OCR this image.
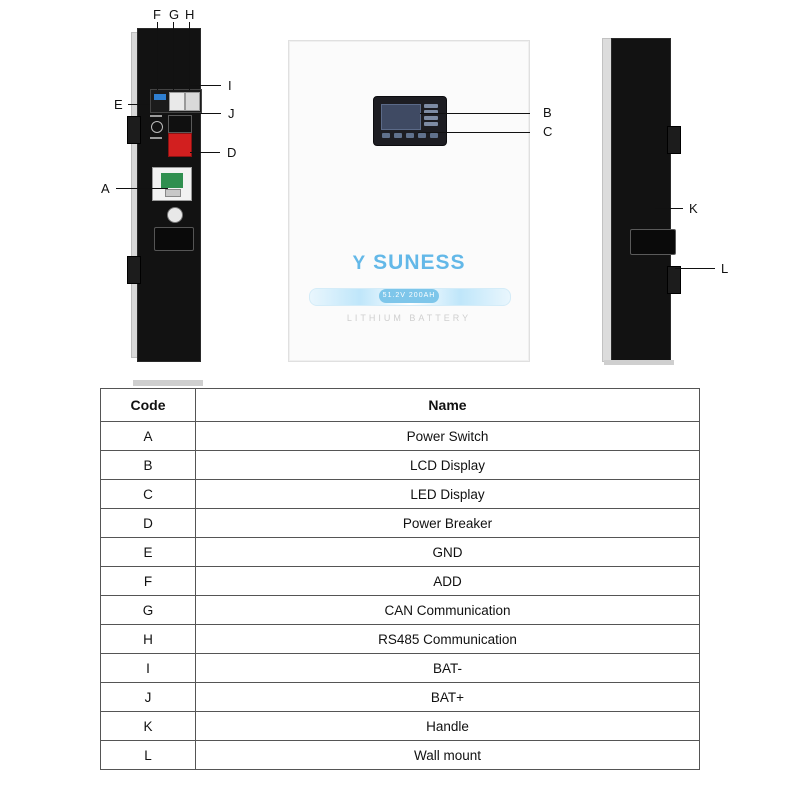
Υ SUNESS
51.2V 200AH
LITHIUM BATTERY
F G H
I
J
E
D
A
B
C
K
L
Code	Name
A	Power Switch
B	LCD Display
C	LED Display
D	Power Breaker
E	GND
F	ADD
G	CAN Communication
H	RS485 Communication
I	BAT-
J	BAT+
K	Handle
L	Wall mount
